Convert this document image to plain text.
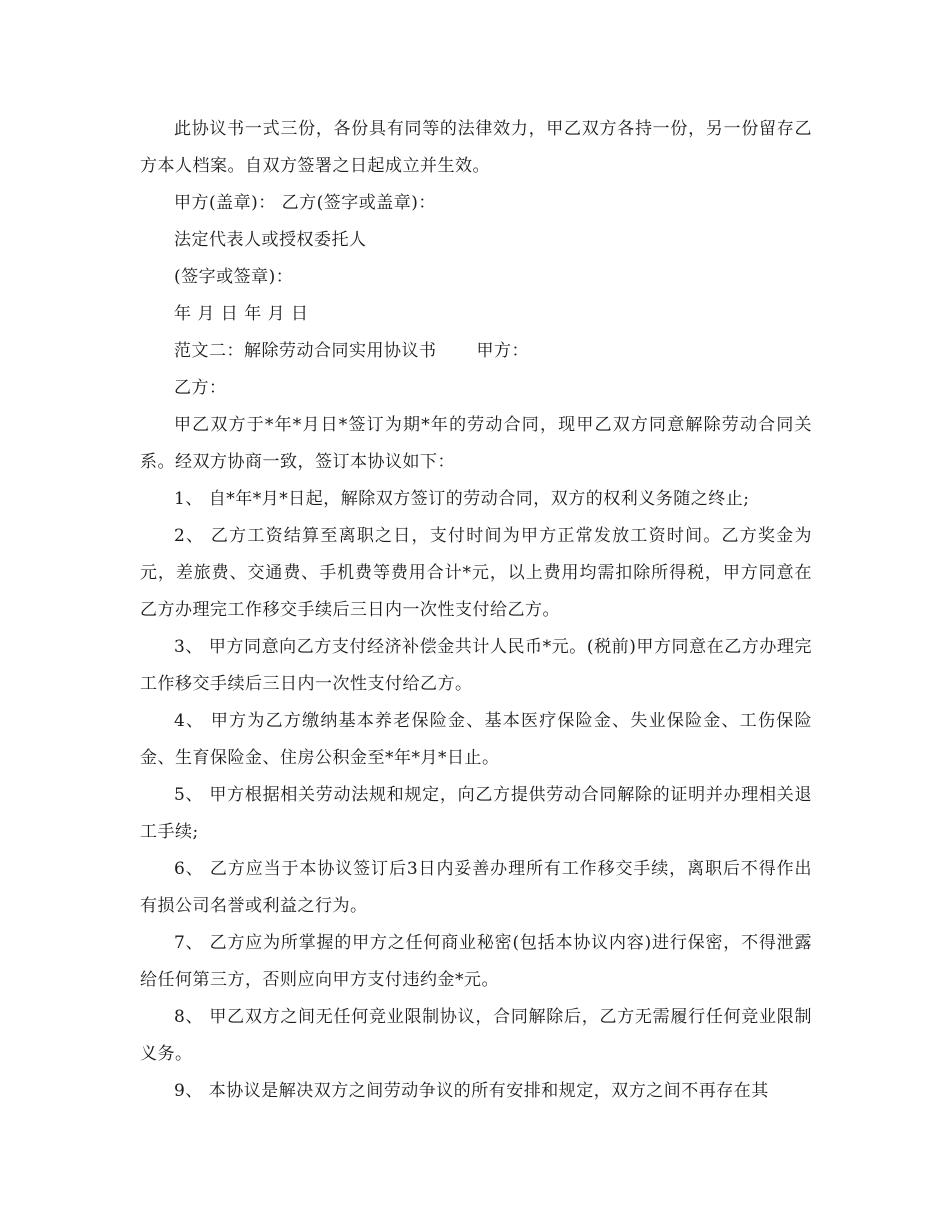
此协议书一式三份，各份具有同等的法律效力，甲乙双方各持一份，另一份留存乙方本人档案。自双方签署之日起成立并生效。

甲方(盖章)： 乙方(签字或盖章)：

法定代表人或授权委托人

(签字或签章)：

年 月 日 年 月 日

范文二：解除劳动合同实用协议书 甲方：

乙方：

甲乙双方于*年*月日*签订为期*年的劳动合同，现甲乙双方同意解除劳动合同关系。经双方协商一致，签订本协议如下：

1、 自*年*月*日起，解除双方签订的劳动合同，双方的权利义务随之终止;

2、 乙方工资结算至离职之日，支付时间为甲方正常发放工资时间。乙方奖金为元，差旅费、交通费、手机费等费用合计*元，以上费用均需扣除所得税，甲方同意在乙方办理完工作移交手续后三日内一次性支付给乙方。

3、 甲方同意向乙方支付经济补偿金共计人民币*元。(税前)甲方同意在乙方办理完工作移交手续后三日内一次性支付给乙方。

4、 甲方为乙方缴纳基本养老保险金、基本医疗保险金、失业保险金、工伤保险金、生育保险金、住房公积金至*年*月*日止。

5、 甲方根据相关劳动法规和规定，向乙方提供劳动合同解除的证明并办理相关退工手续;

6、 乙方应当于本协议签订后3日内妥善办理所有工作移交手续，离职后不得作出有损公司名誉或利益之行为。

7、 乙方应为所掌握的甲方之任何商业秘密(包括本协议内容)进行保密，不得泄露给任何第三方，否则应向甲方支付违约金*元。

8、 甲乙双方之间无任何竞业限制协议，合同解除后，乙方无需履行任何竞业限制义务。

9、 本协议是解决双方之间劳动争议的所有安排和规定，双方之间不再存在其
